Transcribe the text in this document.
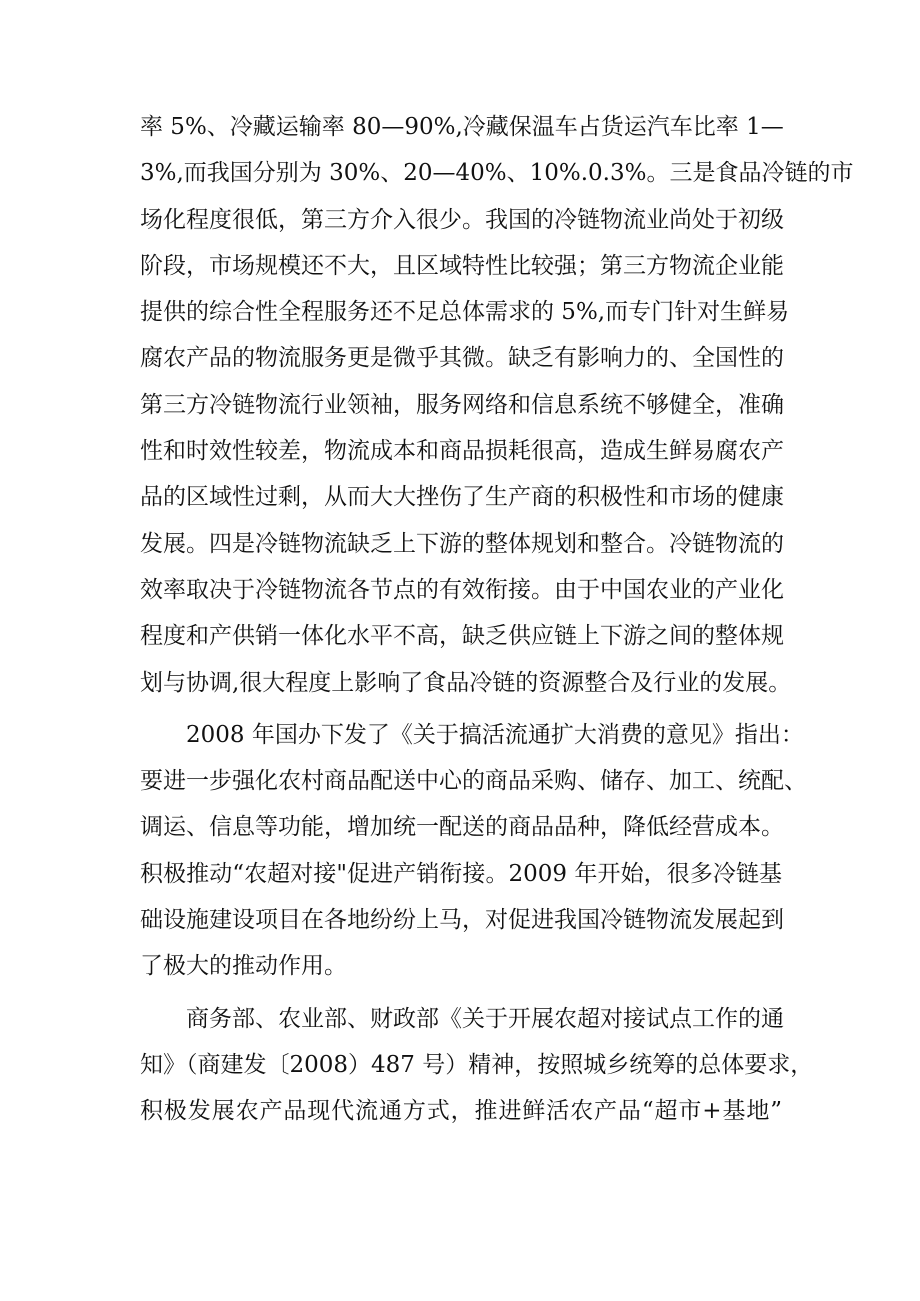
率 5%、冷藏运输率 80—90%,冷藏保温车占货运汽车比率 1—
3%,而我国分别为 30%、20—40%、10%.0.3%。三是食品冷链的市
场化程度很低，第三方介入很少。我国的冷链物流业尚处于初级
阶段，市场规模还不大，且区域特性比较强；第三方物流企业能
提供的综合性全程服务还不足总体需求的 5%,而专门针对生鲜易
腐农产品的物流服务更是微乎其微。缺乏有影响力的、全国性的
第三方冷链物流行业领袖，服务网络和信息系统不够健全，准确
性和时效性较差，物流成本和商品损耗很高，造成生鲜易腐农产
品的区域性过剩，从而大大挫伤了生产商的积极性和市场的健康
发展。四是冷链物流缺乏上下游的整体规划和整合。冷链物流的
效率取决于冷链物流各节点的有效衔接。由于中国农业的产业化
程度和产供销一体化水平不高，缺乏供应链上下游之间的整体规
划与协调,很大程度上影响了食品冷链的资源整合及行业的发展。
2008 年国办下发了《关于搞活流通扩大消费的意见》指出：
要进一步强化农村商品配送中心的商品采购、储存、加工、统配、
调运、信息等功能，增加统一配送的商品品种，降低经营成本。
积极推动“农超对接"促进产销衔接。2009 年开始，很多冷链基
础设施建设项目在各地纷纷上马，对促进我国冷链物流发展起到
了极大的推动作用。
商务部、农业部、财政部《关于开展农超对接试点工作的通
知》（商建发〔2008）487 号）精神，按照城乡统筹的总体要求，
积极发展农产品现代流通方式，推进鲜活农产品“超市+基地”
